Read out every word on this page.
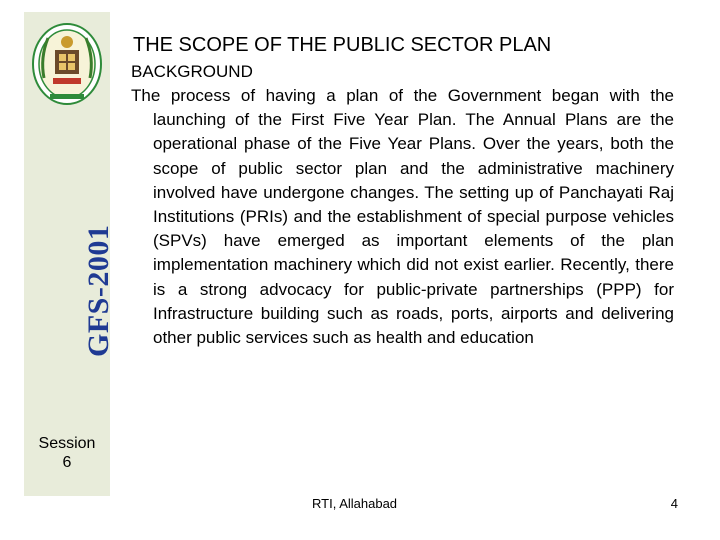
GFS-2001
Session
6
THE SCOPE OF THE PUBLIC SECTOR PLAN
BACKGROUND

The process of having a plan of the Government began with the launching of the First Five Year Plan. The Annual Plans are the operational phase of the Five Year Plans. Over the years, both the scope of public sector plan and the administrative machinery involved have undergone changes. The setting up of Panchayati Raj Institutions (PRIs) and the establishment of special purpose vehicles (SPVs) have emerged as important elements of the plan implementation machinery which did not exist earlier. Recently, there is a strong advocacy for public-private partnerships (PPP) for Infrastructure building such as roads, ports, airports and delivering other public services such as health and education

RTI, Allahabad	4
